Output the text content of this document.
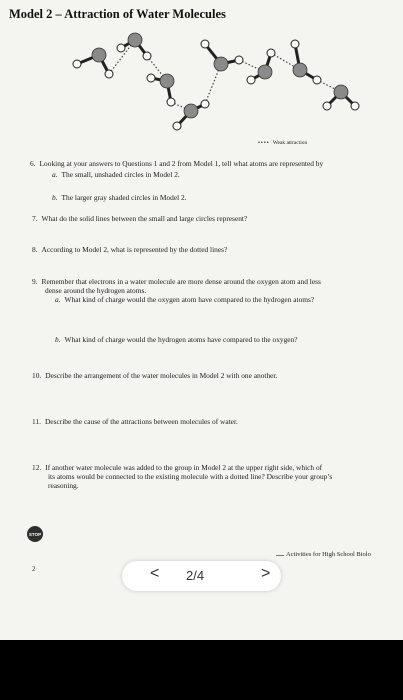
Model 2 – Attraction of Water Molecules
•••• Weak attraction
6. Looking at your answers to Questions 1 and 2 from Model 1, tell what atoms are represented by
a. The small, unshaded circles in Model 2.
b. The larger gray shaded circles in Model 2.
7. What do the solid lines between the small and large circles represent?
8. According to Model 2, what is represented by the dotted lines?
9. Remember that electrons in a water molecule are more dense around the oxygen atom and less
dense around the hydrogen atoms.
a. What kind of charge would the oxygen atom have compared to the hydrogen atoms?
b. What kind of charge would the hydrogen atoms have compared to the oxygen?
10. Describe the arrangement of the water molecules in Model 2 with one another.
11. Describe the cause of the attractions between molecules of water.
12. If another water molecule was added to the group in Model 2 at the upper right side, which of
its atoms would be connected to the existing molecule with a dotted line? Describe your group’s
reasoning.
STOP
2
Activities for High School Biolo
< 2/4	>
